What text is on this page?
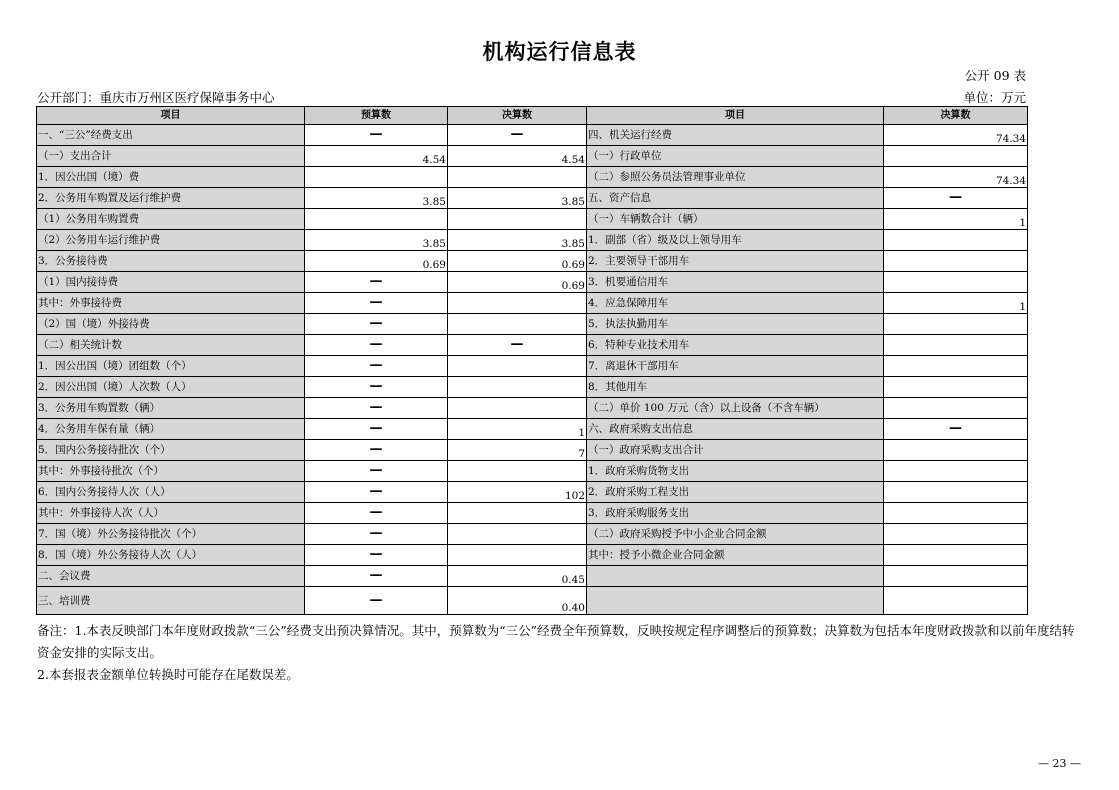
机构运行信息表
公开 09 表
公开部门：重庆市万州区医疗保障事务中心	单位：万元
项目	预算数	决算数	项目	决算数
一、“三公”经费支出	—	—	四、机关运行经费	74.34
（一）支出合计	4.54	4.54	（一）行政单位	
1．因公出国（境）费			（二）参照公务员法管理事业单位	74.34
2．公务用车购置及运行维护费	3.85	3.85	五、资产信息	—
（1）公务用车购置费			（一）车辆数合计（辆）	1
（2）公务用车运行维护费	3.85	3.85	1．副部（省）级及以上领导用车	
3．公务接待费	0.69	0.69	2．主要领导干部用车	
（1）国内接待费	—	0.69	3．机要通信用车	
其中：外事接待费	—		4．应急保障用车	1
（2）国（境）外接待费	—		5．执法执勤用车	
（二）相关统计数	—	—	6．特种专业技术用车	
1．因公出国（境）团组数（个）	—		7．离退休干部用车	
2．因公出国（境）人次数（人）	—		8．其他用车	
3．公务用车购置数（辆）	—		（二）单价 100 万元（含）以上设备（不含车辆）	
4．公务用车保有量（辆）	—	1	六、政府采购支出信息	—
5．国内公务接待批次（个）	—	7	（一）政府采购支出合计	
其中：外事接待批次（个）	—		1．政府采购货物支出	
6．国内公务接待人次（人）	—	102	2．政府采购工程支出	
其中：外事接待人次（人）	—		3．政府采购服务支出	
7．国（境）外公务接待批次（个）	—		（二）政府采购授予中小企业合同金额	
8．国（境）外公务接待人次（人）	—		其中：授予小微企业合同金额	
二、会议费	—	0.45		
三、培训费	—	0.40		

备注：1.本表反映部门本年度财政拨款“三公”经费支出预决算情况。其中，预算数为“三公”经费全年预算数，反映按规定程序调整后的预算数；决算数为包括本年度财政拨款和以前年度结转资金安排的实际支出。

2.本套报表金额单位转换时可能存在尾数误差。

— 23 —
